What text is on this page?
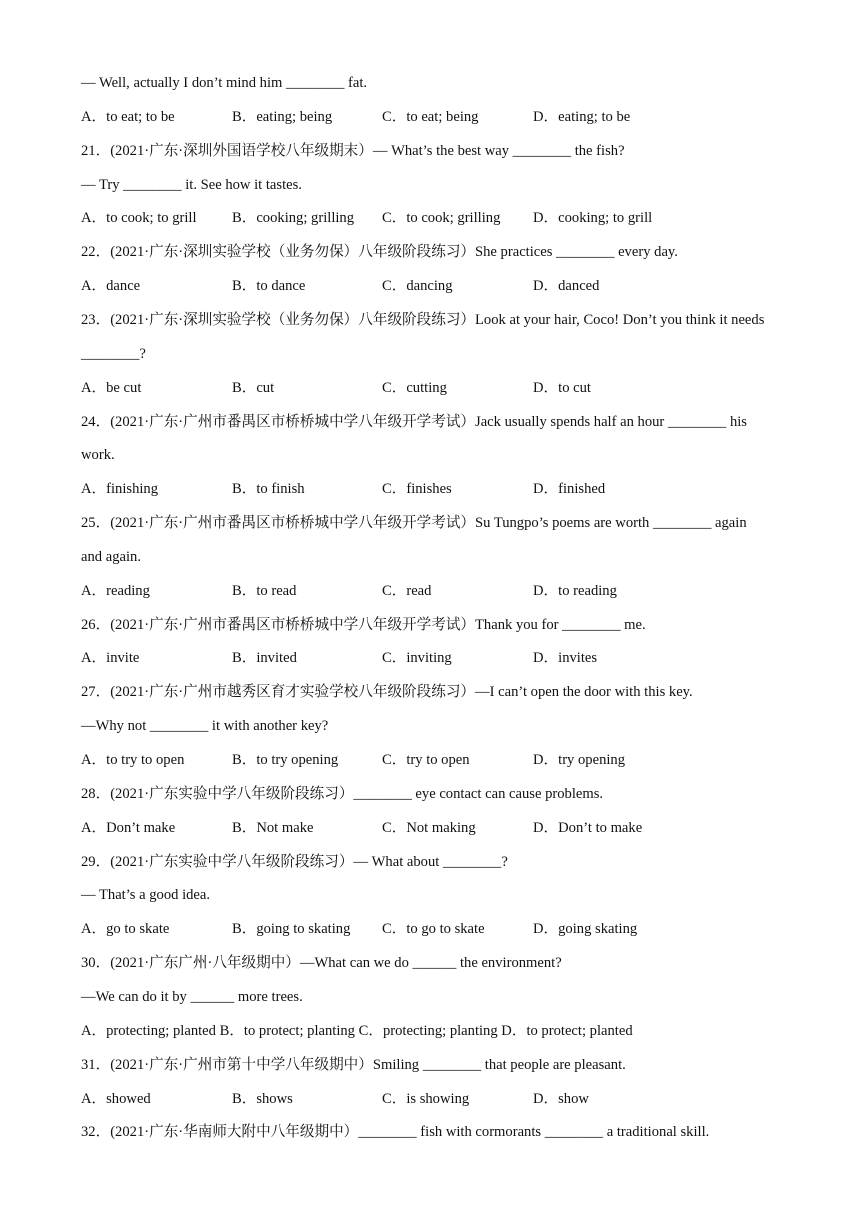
— Well, actually I don’t mind him ________ fat.
A．to eat; to be	B．eating; being	C．to eat; being	D．eating; to be
21．(2021·广东·深圳外国语学校八年级期末）— What’s the best way ________ the fish?
— Try ________ it. See how it tastes.
A．to cook; to grill B．cooking; grilling C．to cook; grilling D．cooking; to grill
22．(2021·广东·深圳实验学校（业务勿保）八年级阶段练习）She practices ________ every day.
A．dance	B．to dance	C．dancing	D．danced
23．(2021·广东·深圳实验学校（业务勿保）八年级阶段练习）Look at your hair, Coco! Don’t you think it needs
________?
A．be cut	B．cut	C．cutting	D．to cut
24．(2021·广东·广州市番禺区市桥桥城中学八年级开学考试）Jack usually spends half an hour ________ his
work.
A．finishing	B．to finish	C．finishes	D．finished
25．(2021·广东·广州市番禺区市桥桥城中学八年级开学考试）Su Tungpo’s poems are worth ________ again
and again.
A．reading	B．to read	C．read	D．to reading
26．(2021·广东·广州市番禺区市桥桥城中学八年级开学考试）Thank you for ________ me.
A．invite	B．invited	C．inviting	D．invites
27．(2021·广东·广州市越秀区育才实验学校八年级阶段练习）—I can’t open the door with this key.
—Why not ________ it with another key?
A．to try to open	B．to try opening	C．try to open	D．try opening
28．(2021·广东实验中学八年级阶段练习）________ eye contact can cause problems.
A．Don’t make	B．Not make	C．Not making	D．Don’t to make
29．(2021·广东实验中学八年级阶段练习）— What about ________?
— That’s a good idea.
A．go to skate	B．going to skating C．to go to skate	D．going skating
30．(2021·广东广州·八年级期中）—What can we do ______ the environment?
—We can do it by ______ more trees.
A．protecting; planted B．to protect; planting C．protecting; planting D．to protect; planted
31．(2021·广东·广州市第十中学八年级期中）Smiling ________ that people are pleasant.
A．showed	B．shows	C．is showing	D．show
32．(2021·广东·华南师大附中八年级期中）________ fish with cormorants ________ a traditional skill.
